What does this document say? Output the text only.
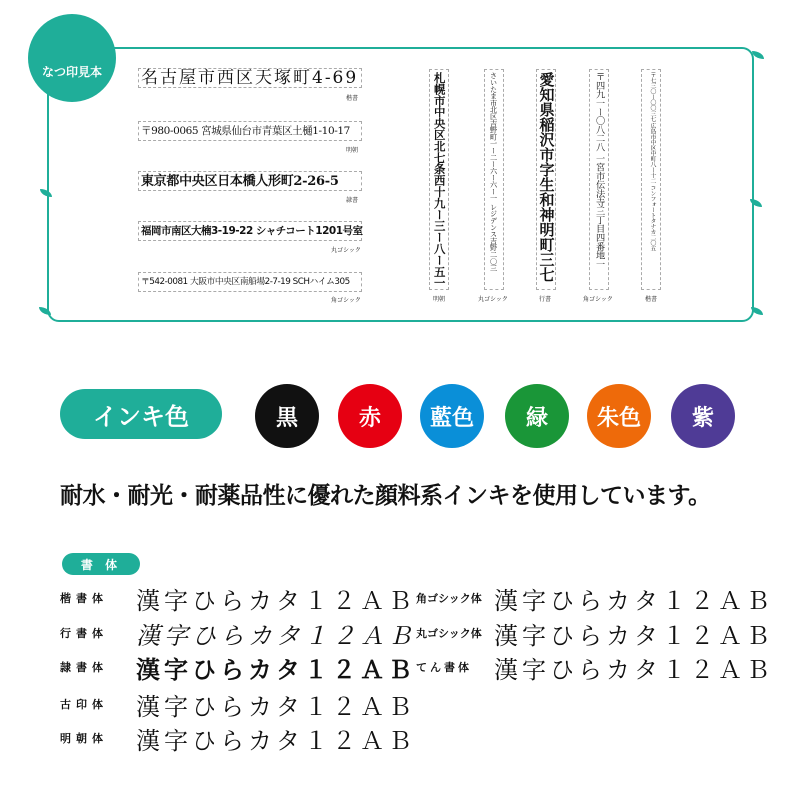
なつ印見本	名古屋市西区天塚町4-69
楷書
〒980-0065 宮城県仙台市青葉区土樋1-10-17
明朝
東京都中央区日本橋人形町2-26-5
隷書
福岡市南区大楠3-19-22 シャチコート1201号室
丸ゴシック
〒542-0081 大阪市中央区南船場2-7-19 SCHハイム305
角ゴシック
札幌市中央区北七条西十九ー三ー八ー五一
明朝
さいたま市北区吉野町一ー二ー六ー六ー一 レジデンス吉野二〇三
丸ゴシック
愛知県稲沢市字生和神明町三七
行書
〒四九一ー〇八二八 一宮市伝法寺三丁目四番地一
角ゴシック
〒七三〇ー〇〇三七 広島市中区中町八ー十二 コンフォートタナカ二〇五
楷書
インキ色	黒	赤	藍色	緑	朱色	紫
耐水・耐光・耐薬品性に優れた顔料系インキを使用しています。
書 体
楷書体	漢字ひらカタ１２ＡＢ
行書体	漢字ひらカタ１２ＡＢ
隷書体	漢字ひらカタ１２ＡＢ
古印体	漢字ひらカタ１２ＡＢ
明朝体	漢字ひらカタ１２ＡＢ
角ゴシック体 漢字ひらカタ１２ＡＢ
丸ゴシック体 漢字ひらカタ１２ＡＢ
てん書体 漢字ひらカタ１２ＡＢ
